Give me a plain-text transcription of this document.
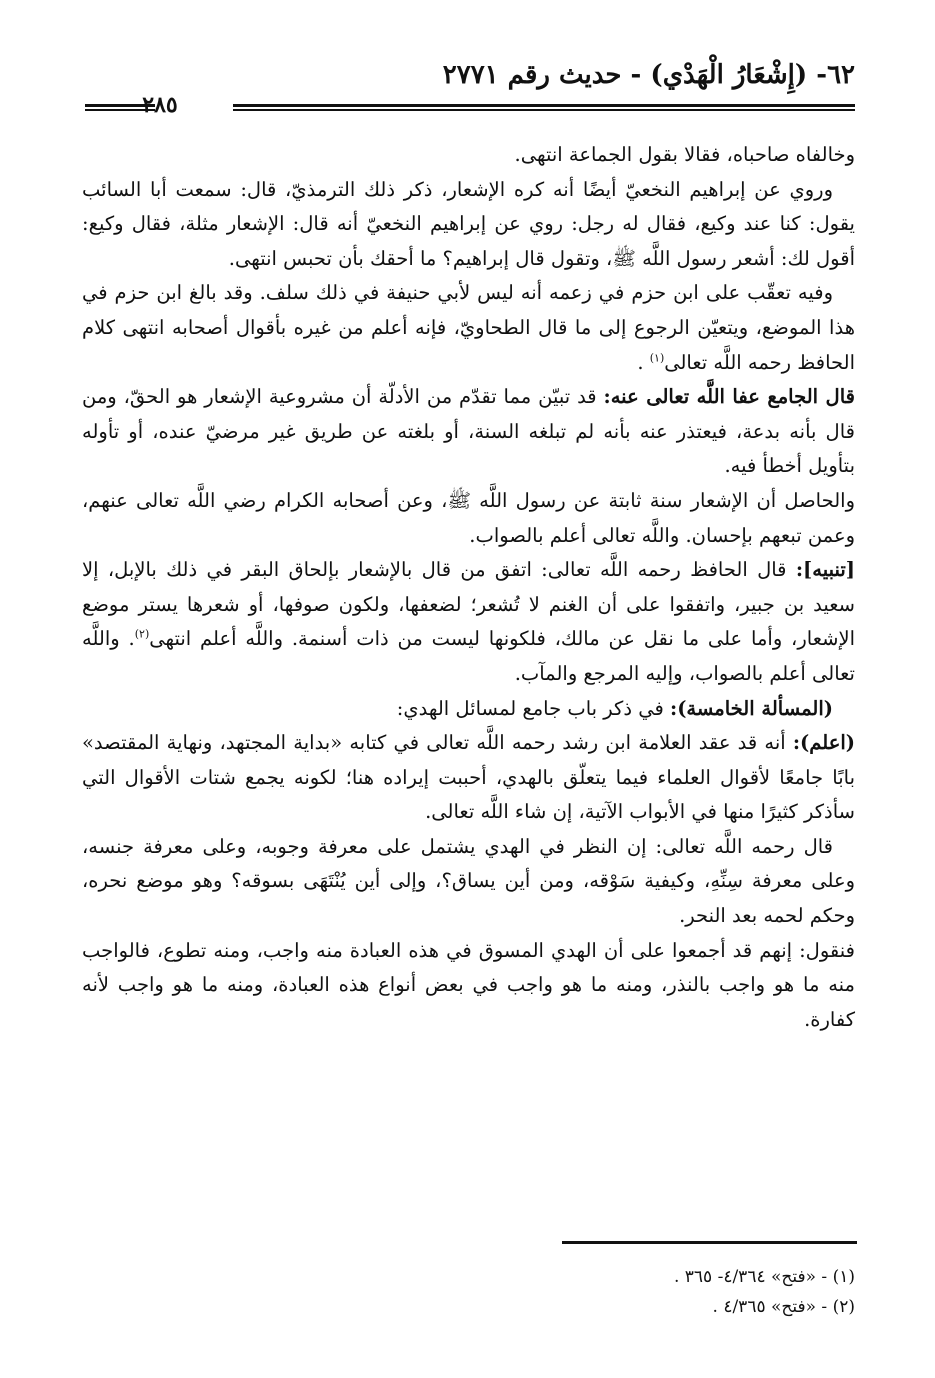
٦٢- (إِشْعَارُ الْهَدْي) - حديث رقم ٢٧٧١
٢٨٥

وخالفاه صاحباه، فقالا بقول الجماعة انتهى.

وروي عن إبراهيم النخعيّ أيضًا أنه كره الإشعار، ذكر ذلك الترمذيّ، قال: سمعت أبا السائب يقول: كنا عند وكيع، فقال له رجل: روي عن إبراهيم النخعيّ أنه قال: الإشعار مثلة، فقال وكيع: أقول لك: أشعر رسول اللَّه ﷺ، وتقول قال إبراهيم؟ ما أحقك بأن تحبس انتهى.

وفيه تعقّب على ابن حزم في زعمه أنه ليس لأبي حنيفة في ذلك سلف. وقد بالغ ابن حزم في هذا الموضع، ويتعيّن الرجوع إلى ما قال الطحاويّ، فإنه أعلم من غيره بأقوال أصحابه انتهى كلام الحافظ رحمه اللَّه تعالى$^{(١)}$ .

قال الجامع عفا اللَّه تعالى عنه: قد تبيّن مما تقدّم من الأدلّة أن مشروعية الإشعار هو الحقّ، ومن قال بأنه بدعة، فيعتذر عنه بأنه لم تبلغه السنة، أو بلغته عن طريق غير مرضيّ عنده، أو تأوله بتأويل أخطأ فيه.

والحاصل أن الإشعار سنة ثابتة عن رسول اللَّه ﷺ، وعن أصحابه الكرام رضي اللَّه تعالى عنهم، وعمن تبعهم بإحسان. واللَّه تعالى أعلم بالصواب.

[تنبيه]: قال الحافظ رحمه اللَّه تعالى: اتفق من قال بالإشعار بإلحاق البقر في ذلك بالإبل، إلا سعيد بن جبير، واتفقوا على أن الغنم لا تُشعر؛ لضعفها، ولكون صوفها، أو شعرها يستر موضع الإشعار، وأما على ما نقل عن مالك، فلكونها ليست من ذات أسنمة. واللَّه أعلم انتهى$^{(٢)}$. واللَّه تعالى أعلم بالصواب، وإليه المرجع والمآب.

(المسألة الخامسة): في ذكر باب جامع لمسائل الهدي:

(اعلم): أنه قد عقد العلامة ابن رشد رحمه اللَّه تعالى في كتابه «بداية المجتهد، ونهاية المقتصد» بابًا جامعًا لأقوال العلماء فيما يتعلّق بالهدي، أحببت إيراده هنا؛ لكونه يجمع شتات الأقوال التي سأذكر كثيرًا منها في الأبواب الآتية، إن شاء اللَّه تعالى.

قال رحمه اللَّه تعالى: إن النظر في الهدي يشتمل على معرفة وجوبه، وعلى معرفة جنسه، وعلى معرفة سِنِّهِ، وكيفية سَوْقه، ومن أين يساق؟، وإلى أين يُنْتَهَى بسوقه؟ وهو موضع نحره، وحكم لحمه بعد النحر.

فنقول: إنهم قد أجمعوا على أن الهدي المسوق في هذه العبادة منه واجب، ومنه تطوع، فالواجب منه ما هو واجب بالنذر، ومنه ما هو واجب في بعض أنواع هذه العبادة، ومنه ما هو واجب لأنه كفارة.

(١) - «فتح» ٤/٣٦٤- ٣٦٥ .

(٢) - «فتح» ٤/٣٦٥ .
